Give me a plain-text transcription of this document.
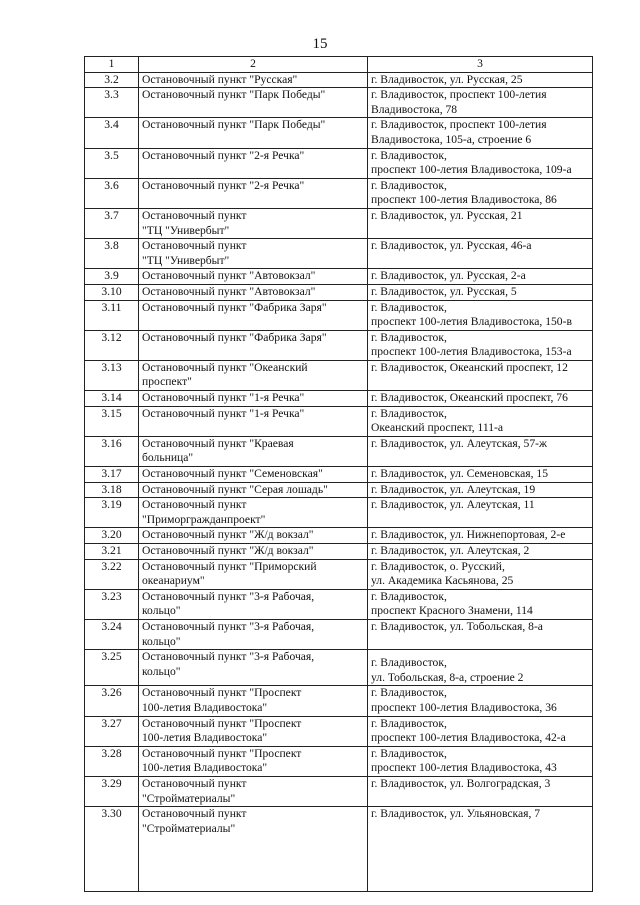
15
1	2	3
3.2	Остановочный пункт "Русская"	г. Владивосток, ул. Русская, 25

3.3	Остановочный пункт "Парк Победы"	г. Владивосток, проспект 100-летия
Владивостока, 78

3.4	Остановочный пункт "Парк Победы"	г. Владивосток, проспект 100-летия
Владивостока, 105-а, строение 6

3.5	Остановочный пункт "2-я Речка"	г. Владивосток,
проспект 100-летия Владивостока, 109-а

3.6	Остановочный пункт "2-я Речка"	г. Владивосток,
проспект 100-летия Владивостока, 86

3.7	Остановочный пункт
"ТЦ "Универбыт"	г. Владивосток, ул. Русская, 21

3.8	Остановочный пункт
"ТЦ "Универбыт"	г. Владивосток, ул. Русская, 46-а

3.9	Остановочный пункт "Автовокзал"	г. Владивосток, ул. Русская, 2-а

3.10	Остановочный пункт "Автовокзал"	г. Владивосток, ул. Русская, 5

3.11	Остановочный пункт "Фабрика Заря"	г. Владивосток,
проспект 100-летия Владивостока, 150-в

3.12	Остановочный пункт "Фабрика Заря"	г. Владивосток,
проспект 100-летия Владивостока, 153-а

3.13	Остановочный пункт "Океанский
проспект"	г. Владивосток, Океанский проспект, 12

3.14	Остановочный пункт "1-я Речка"	г. Владивосток, Океанский проспект, 76

3.15	Остановочный пункт "1-я Речка"	г. Владивосток,
Океанский проспект, 111-а

3.16	Остановочный пункт "Краевая
больница"	г. Владивосток, ул. Алеутская, 57-ж

3.17	Остановочный пункт "Семеновская"	г. Владивосток, ул. Семеновская, 15

3.18	Остановочный пункт "Серая лошадь"	г. Владивосток, ул. Алеутская, 19

3.19	Остановочный пункт
"Приморгражданпроект"	г. Владивосток, ул. Алеутская, 11

3.20	Остановочный пункт "Ж/д вокзал"	г. Владивосток, ул. Нижнепортовая, 2-е

3.21	Остановочный пункт "Ж/д вокзал"	г. Владивосток, ул. Алеутская, 2

3.22	Остановочный пункт "Приморский
океанариум"	г. Владивосток, о. Русский,
ул. Академика Касьянова, 25

3.23	Остановочный пункт "3-я Рабочая,
кольцо"	г. Владивосток,
проспект Красного Знамени, 114

3.24	Остановочный пункт "3-я Рабочая,
кольцо"	г. Владивосток, ул. Тобольская, 8-а

3.25	Остановочный пункт "3-я Рабочая,
кольцо"	г. Владивосток,
ул. Тобольская, 8-а, строение 2

3.26	Остановочный пункт "Проспект
100-летия Владивостока"	г. Владивосток,
проспект 100-летия Владивостока, 36

3.27	Остановочный пункт "Проспект
100-летия Владивостока"	г. Владивосток,
проспект 100-летия Владивостока, 42-а

3.28	Остановочный пункт "Проспект
100-летия Владивостока"	г. Владивосток,
проспект 100-летия Владивостока, 43

3.29	Остановочный пункт
"Стройматериалы"	г. Владивосток, ул. Волгоградская, 3

3.30	Остановочный пункт
"Стройматериалы"	г. Владивосток, ул. Ульяновская, 7
